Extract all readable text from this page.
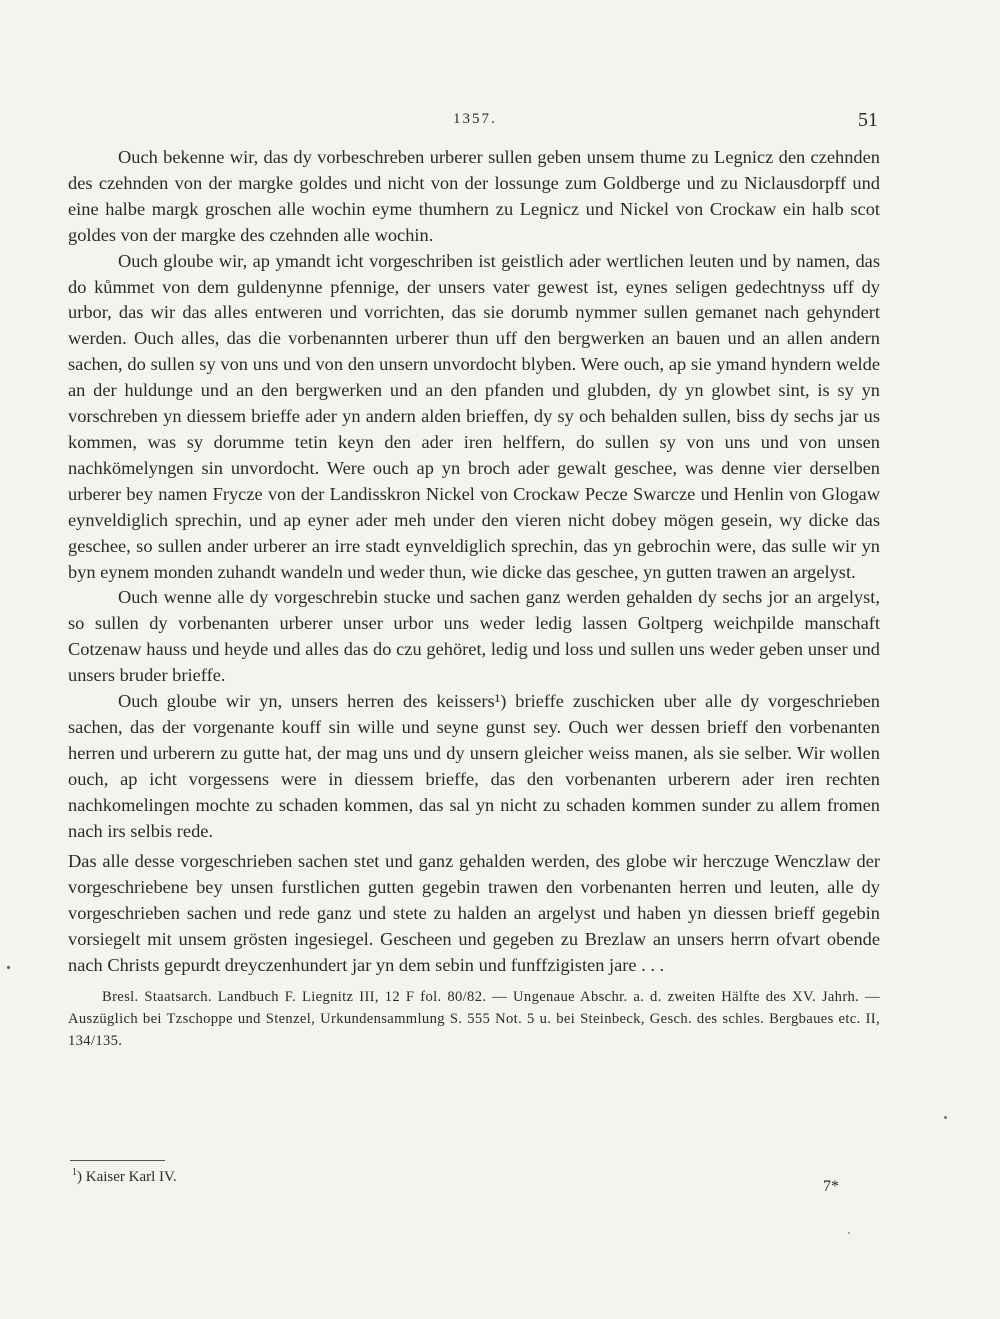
1357.	51

Ouch bekenne wir, das dy vorbeschreben urberer sullen geben unsem thume zu Legnicz den czehnden des czehnden von der margke goldes und nicht von der lossunge zum Goldberge und zu Niclausdorpff und eine halbe margk groschen alle wochin eyme thumhern zu Legnicz und Nickel von Crockaw ein halb scot goldes von der margke des czehnden alle wochin.

Ouch gloube wir, ap ymandt icht vorgeschriben ist geistlich ader wertlichen leuten und by namen, das do kůmmet von dem guldenynne pfennige, der unsers vater gewest ist, eynes seligen gedechtnyss uff dy urbor, das wir das alles entweren und vorrichten, das sie dorumb nymmer sullen gemanet nach gehyndert werden. Ouch alles, das die vorbenannten urberer thun uff den bergwerken an bauen und an allen andern sachen, do sullen sy von uns und von den unsern unvordocht blyben. Were ouch, ap sie ymand hyndern welde an der huldunge und an den bergwerken und an den pfanden und glubden, dy yn glowbet sint, is sy yn vorschreben yn diessem brieffe ader yn andern alden brieffen, dy sy och behalden sullen, biss dy sechs jar us kommen, was sy dorumme tetin keyn den ader iren helffern, do sullen sy von uns und von unsen nachkömelyngen sin unvordocht. Were ouch ap yn broch ader gewalt geschee, was denne vier derselben urberer bey namen Frycze von der Landisskron Nickel von Crockaw Pecze Swarcze und Henlin von Glogaw eynveldiglich sprechin, und ap eyner ader meh under den vieren nicht dobey mögen gesein, wy dicke das geschee, so sullen ander urberer an irre stadt eynveldiglich sprechin, das yn gebrochin were, das sulle wir yn byn eynem monden zuhandt wandeln und weder thun, wie dicke das geschee, yn gutten trawen an argelyst.

Ouch wenne alle dy vorgeschrebin stucke und sachen ganz werden gehalden dy sechs jor an argelyst, so sullen dy vorbenanten urberer unser urbor uns weder ledig lassen Goltperg weichpilde manschaft Cotzenaw hauss und heyde und alles das do czu gehöret, ledig und loss und sullen uns weder geben unser und unsers bruder brieffe.

Ouch gloube wir yn, unsers herren des keissers¹) brieffe zuschicken uber alle dy vorgeschrieben sachen, das der vorgenante kouff sin wille und seyne gunst sey. Ouch wer dessen brieff den vorbenanten herren und urberern zu gutte hat, der mag uns und dy unsern gleicher weiss manen, als sie selber. Wir wollen ouch, ap icht vorgessens were in diessem brieffe, das den vorbenanten urberern ader iren rechten nachkomelingen mochte zu schaden kommen, das sal yn nicht zu schaden kommen sunder zu allem fromen nach irs selbis rede.

Das alle desse vorgeschrieben sachen stet und ganz gehalden werden, des globe wir herczuge Wenczlaw der vorgeschriebene bey unsen furstlichen gutten gegebin trawen den vorbenanten herren und leuten, alle dy vorgeschrieben sachen und rede ganz und stete zu halden an argelyst und haben yn diessen brieff gegebin vorsiegelt mit unsem grösten ingesiegel. Gescheen und gegeben zu Brezlaw an unsers herrn ofvart obende nach Christs gepurdt dreyczenhundert jar yn dem sebin und funffzigisten jare . . .

Bresl. Staatsarch. Landbuch F. Liegnitz III, 12 F fol. 80/82. — Ungenaue Abschr. a. d. zweiten Hälfte des XV. Jahrh. — Auszüglich bei Tzschoppe und Stenzel, Urkundensammlung S. 555 Not. 5 u. bei Steinbeck, Gesch. des schles. Bergbaues etc. II, 134/135.

$^1$) Kaiser Karl IV.
7*
